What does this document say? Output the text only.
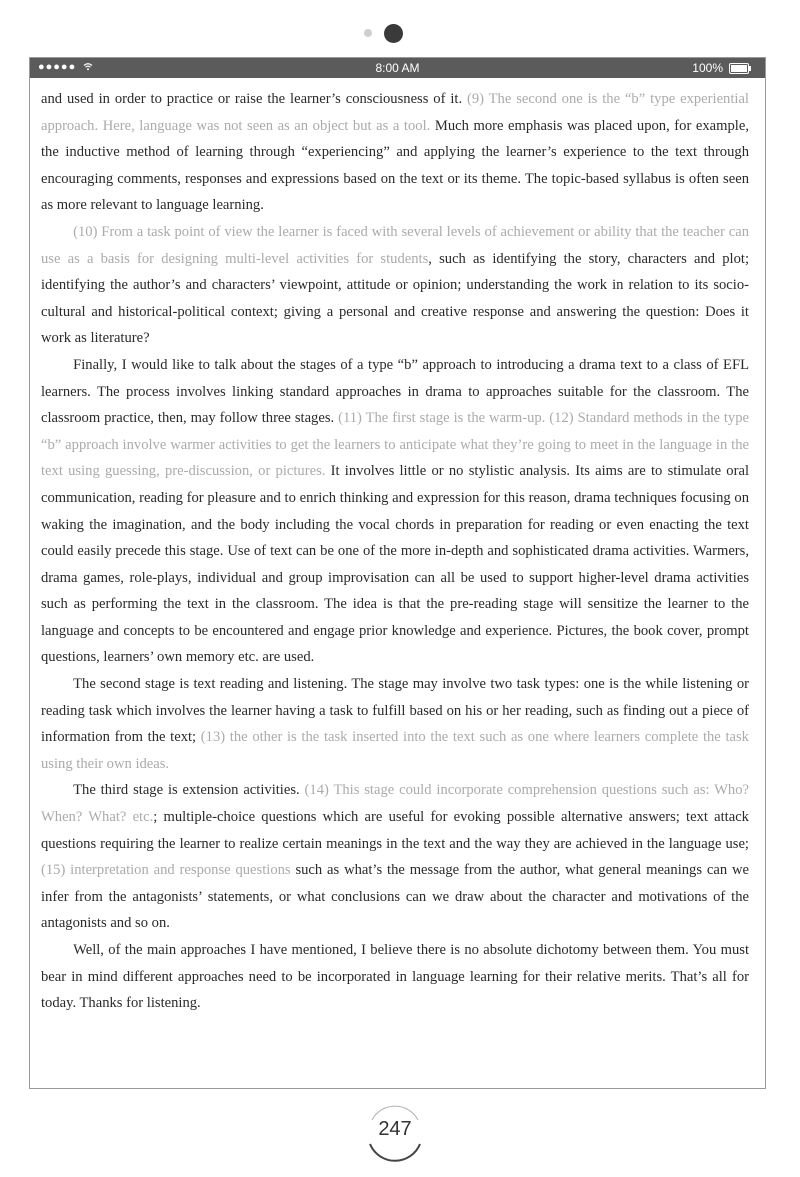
●●●●●	8:00 AM	100%

and used in order to practice or raise the learner’s consciousness of it. (9) The second one is the “b” type experiential approach. Here, language was not seen as an object but as a tool. Much more emphasis was placed upon, for example, the inductive method of learning through “experiencing” and applying the learner’s experience to the text through encouraging comments, responses and expressions based on the text or its theme. The topic-based syllabus is often seen as more relevant to language learning.

(10) From a task point of view the learner is faced with several levels of achievement or ability that the teacher can use as a basis for designing multi-level activities for students, such as identifying the story, characters and plot; identifying the author’s and characters’ viewpoint, attitude or opinion; understanding the work in relation to its socio-cultural and historical-political context; giving a personal and creative response and answering the question: Does it work as literature?

Finally, I would like to talk about the stages of a type “b” approach to introducing a drama text to a class of EFL learners. The process involves linking standard approaches in drama to approaches suitable for the classroom. The classroom practice, then, may follow three stages. (11) The first stage is the warm-up. (12) Standard methods in the type “b” approach involve warmer activities to get the learners to anticipate what they’re going to meet in the language in the text using guessing, pre-discussion, or pictures. It involves little or no stylistic analysis. Its aims are to stimulate oral communication, reading for pleasure and to enrich thinking and expression for this reason, drama techniques focusing on waking the imagination, and the body including the vocal chords in preparation for reading or even enacting the text could easily precede this stage. Use of text can be one of the more in-depth and sophisticated drama activities. Warmers, drama games, role-plays, individual and group improvisation can all be used to support higher-level drama activities such as performing the text in the classroom. The idea is that the pre-reading stage will sensitize the learner to the language and concepts to be encountered and engage prior knowledge and experience. Pictures, the book cover, prompt questions, learners’ own memory etc. are used.

The second stage is text reading and listening. The stage may involve two task types: one is the while listening or reading task which involves the learner having a task to fulfill based on his or her reading, such as finding out a piece of information from the text; (13) the other is the task inserted into the text such as one where learners complete the task using their own ideas.

The third stage is extension activities. (14) This stage could incorporate comprehension questions such as: Who? When? What? etc.; multiple-choice questions which are useful for evoking possible alternative answers; text attack questions requiring the learner to realize certain meanings in the text and the way they are achieved in the language use; (15) interpretation and response questions such as what’s the message from the author, what general meanings can we infer from the antagonists’ statements, or what conclusions can we draw about the character and motivations of the antagonists and so on.

Well, of the main approaches I have mentioned, I believe there is no absolute dichotomy between them. You must bear in mind different approaches need to be incorporated in language learning for their relative merits. That’s all for today. Thanks for listening.

247
